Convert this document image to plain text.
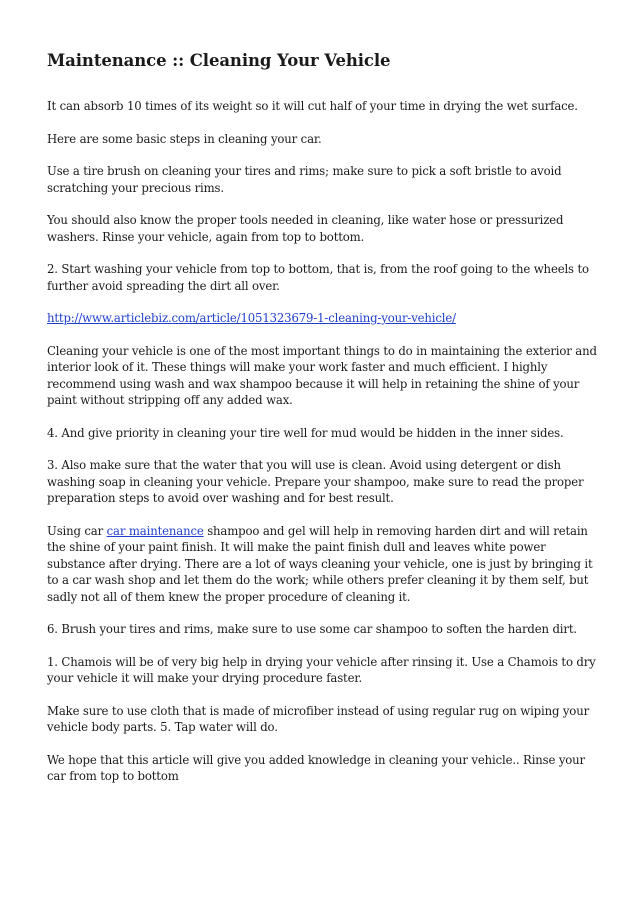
Maintenance :: Cleaning Your Vehicle

It can absorb 10 times of its weight so it will cut half of your time in drying the wet surface.

Here are some basic steps in cleaning your car.

Use a tire brush on cleaning your tires and rims; make sure to pick a soft bristle to avoid scratching your precious rims.

You should also know the proper tools needed in cleaning, like water hose or pressurized washers. Rinse your vehicle, again from top to bottom.

2. Start washing your vehicle from top to bottom, that is, from the roof going to the wheels to further avoid spreading the dirt all over.

http://www.articlebiz.com/article/1051323679-1-cleaning-your-vehicle/

Cleaning your vehicle is one of the most important things to do in maintaining the exterior and interior look of it. These things will make your work faster and much efficient. I highly recommend using wash and wax shampoo because it will help in retaining the shine of your paint without stripping off any added wax.

4. And give priority in cleaning your tire well for mud would be hidden in the inner sides.

3. Also make sure that the water that you will use is clean. Avoid using detergent or dish washing soap in cleaning your vehicle. Prepare your shampoo, make sure to read the proper preparation steps to avoid over washing and for best result.

Using car car maintenance shampoo and gel will help in removing harden dirt and will retain the shine of your paint finish. It will make the paint finish dull and leaves white power substance after drying. There are a lot of ways cleaning your vehicle, one is just by bringing it to a car wash shop and let them do the work; while others prefer cleaning it by them self, but sadly not all of them knew the proper procedure of cleaning it.

6. Brush your tires and rims, make sure to use some car shampoo to soften the harden dirt.

1. Chamois will be of very big help in drying your vehicle after rinsing it. Use a Chamois to dry your vehicle it will make your drying procedure faster.

Make sure to use cloth that is made of microfiber instead of using regular rug on wiping your vehicle body parts. 5. Tap water will do.

We hope that this article will give you added knowledge in cleaning your vehicle.. Rinse your car from top to bottom
